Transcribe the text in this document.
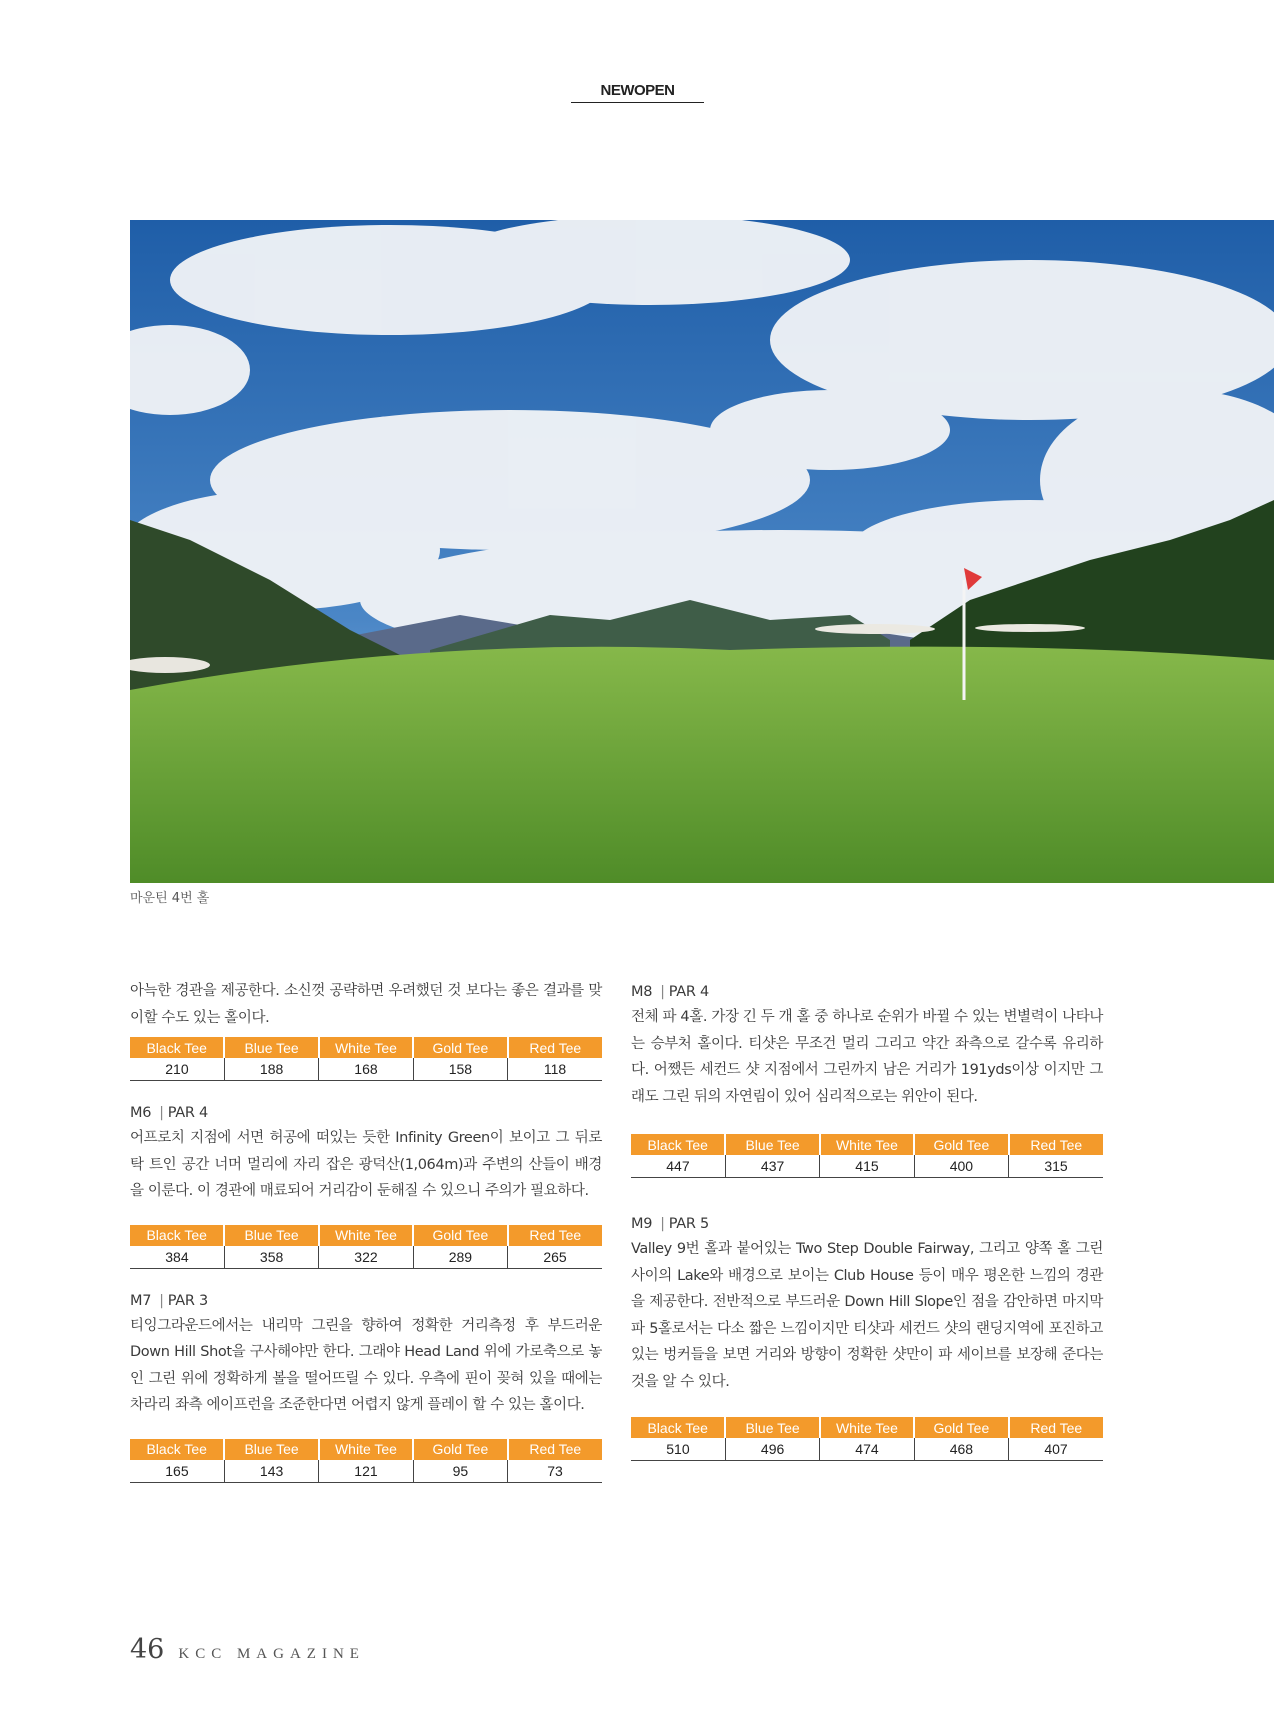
NEWOPEN
마운틴 4번 홀

아늑한 경관을 제공한다. 소신껏 공략하면 우려했던 것 보다는 좋은 결과를 맞이할 수도 있는 홀이다.

Black Tee	Blue Tee	White Tee	Gold Tee	Red Tee
210	188	168	158	118

M6 | PAR 4

어프로치 지점에 서면 허공에 떠있는 듯한 Infinity Green이 보이고 그 뒤로 탁 트인 공간 너머 멀리에 자리 잡은 광덕산(1,064m)과 주변의 산들이 배경을 이룬다. 이 경관에 매료되어 거리감이 둔해질 수 있으니 주의가 필요하다.

Black Tee	Blue Tee	White Tee	Gold Tee	Red Tee
384	358	322	289	265

M7 | PAR 3

티잉그라운드에서는 내리막 그린을 향하여 정확한 거리측정 후 부드러운 Down Hill Shot을 구사해야만 한다. 그래야 Head Land 위에 가로축으로 놓인 그린 위에 정확하게 볼을 떨어뜨릴 수 있다. 우측에 핀이 꽂혀 있을 때에는 차라리 좌측 에이프런을 조준한다면 어렵지 않게 플레이 할 수 있는 홀이다.

Black Tee	Blue Tee	White Tee	Gold Tee	Red Tee
165	143	121	95	73

M8 | PAR 4

전체 파 4홀. 가장 긴 두 개 홀 중 하나로 순위가 바뀔 수 있는 변별력이 나타나는 승부처 홀이다. 티샷은 무조건 멀리 그리고 약간 좌측으로 갈수록 유리하다. 어쨌든 세컨드 샷 지점에서 그린까지 남은 거리가 191yds이상 이지만 그래도 그린 뒤의 자연림이 있어 심리적으로는 위안이 된다.

Black Tee	Blue Tee	White Tee	Gold Tee	Red Tee
447	437	415	400	315

M9 | PAR 5

Valley 9번 홀과 붙어있는 Two Step Double Fairway, 그리고 양쪽 홀 그린 사이의 Lake와 배경으로 보이는 Club House 등이 매우 평온한 느낌의 경관을 제공한다. 전반적으로 부드러운 Down Hill Slope인 점을 감안하면 마지막 파 5홀로서는 다소 짧은 느낌이지만 티샷과 세컨드 샷의 랜딩지역에 포진하고 있는 벙커들을 보면 거리와 방향이 정확한 샷만이 파 세이브를 보장해 준다는 것을 알 수 있다.

Black Tee	Blue Tee	White Tee	Gold Tee	Red Tee
510	496	474	468	407
46 KCC MAGAZINE
